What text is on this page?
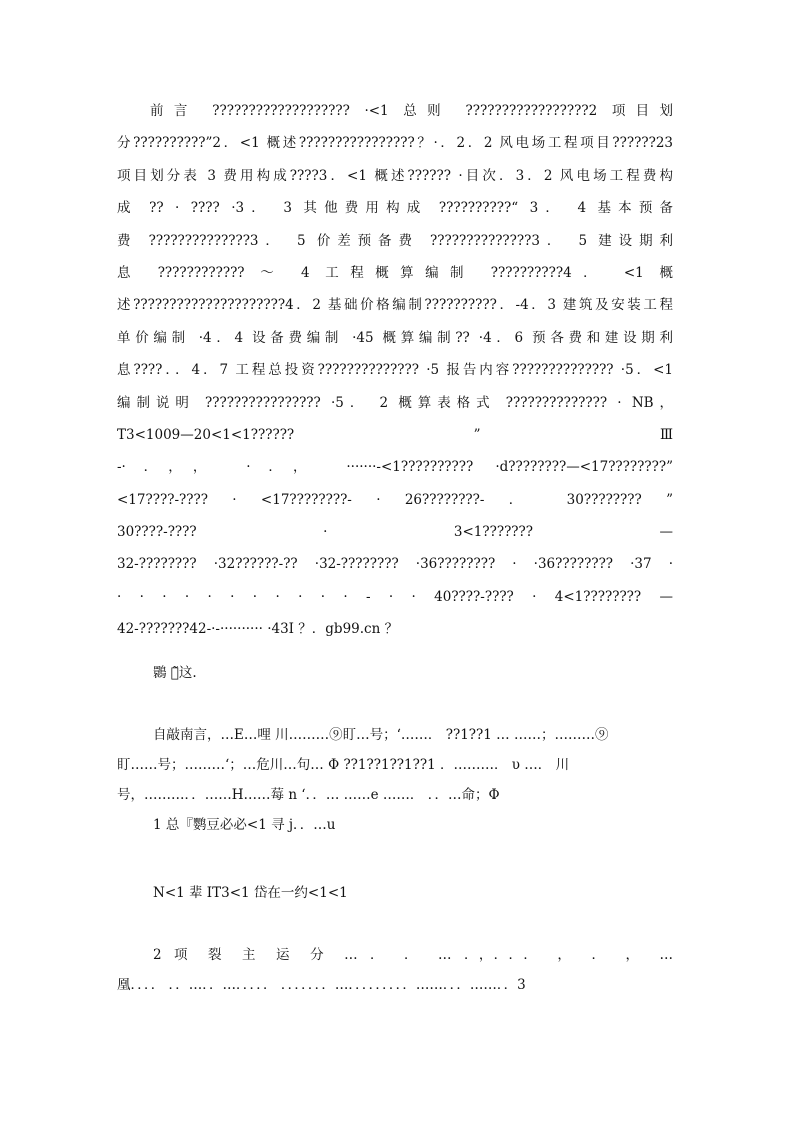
前言 ??????????????????? ·<1 总则 ?????????????????2 项目划
分??????????”2．<1 概述????????????????？·．2．2 风电场工程项目??????23
项目划分表 3 费用构成????3．<1 概述?????? ·目次．3．2 风电场工程费构
成 ?? · ???? ·3． 3 其他费用构成 ??????????“ 3． 4 基本预备
费 ??????????????3． 5 价差预备费 ??????????????3． 5 建设期利
息 ???????????? ～ 4 工程概算编制 ??????????4． <1 概
述?????????????????????4．2 基础价格编制??????????．-4．3 建筑及安装工程
单价编制 ·4．4 设备费编制 ·45 概算编制?? ·4．6 预各费和建设期利
息????．．4．7 工程总投资?????????????? ·5 报告内容?????????????? ·5．<1
编制说明 ???????????????? ·5． 2 概算表格式 ?????????????? · NB，
T3<1009—20<1<1?????? ” Ⅲ
-·．，， ·．， ·······-<1?????????? ·d????????—<17????????”
<17????-???? · <17????????- · 26????????- ． 30???????? ”
30????-???? · 3<1??????? —
32-???????? ·32??????-?? ·32-???????? ·36???????? · ·36???????? ·37 ·
· · · · · · · · · · · - · · 40????-???? · 4<1???????? —
42-???????42-·-·········· ·43I ？．gb99.cn ？
䴉 ㄧ̃这.
自敲南言，…E…哩 川………⑨盯…号；‘……． ??1??1 … ……；………⑨
盯……号；………‘；…危川…句… Φ ??1??1??1??1 ．………． υ …． 川
号，………．．……H……莓 n ‘．．… ……e ……． ．．…命；Φ
1 总『鹦豆必必<1 寻 j．．…u
N<1 辈 IT3<1 岱在一约<1<1
2 项 裂 主 运 分 … ． ． … ．，．．． ， ． ， …
凰．．．． ．．…．．…．．．．． ．．．．．．．…．．．．．．．．．……．．．……．．3
